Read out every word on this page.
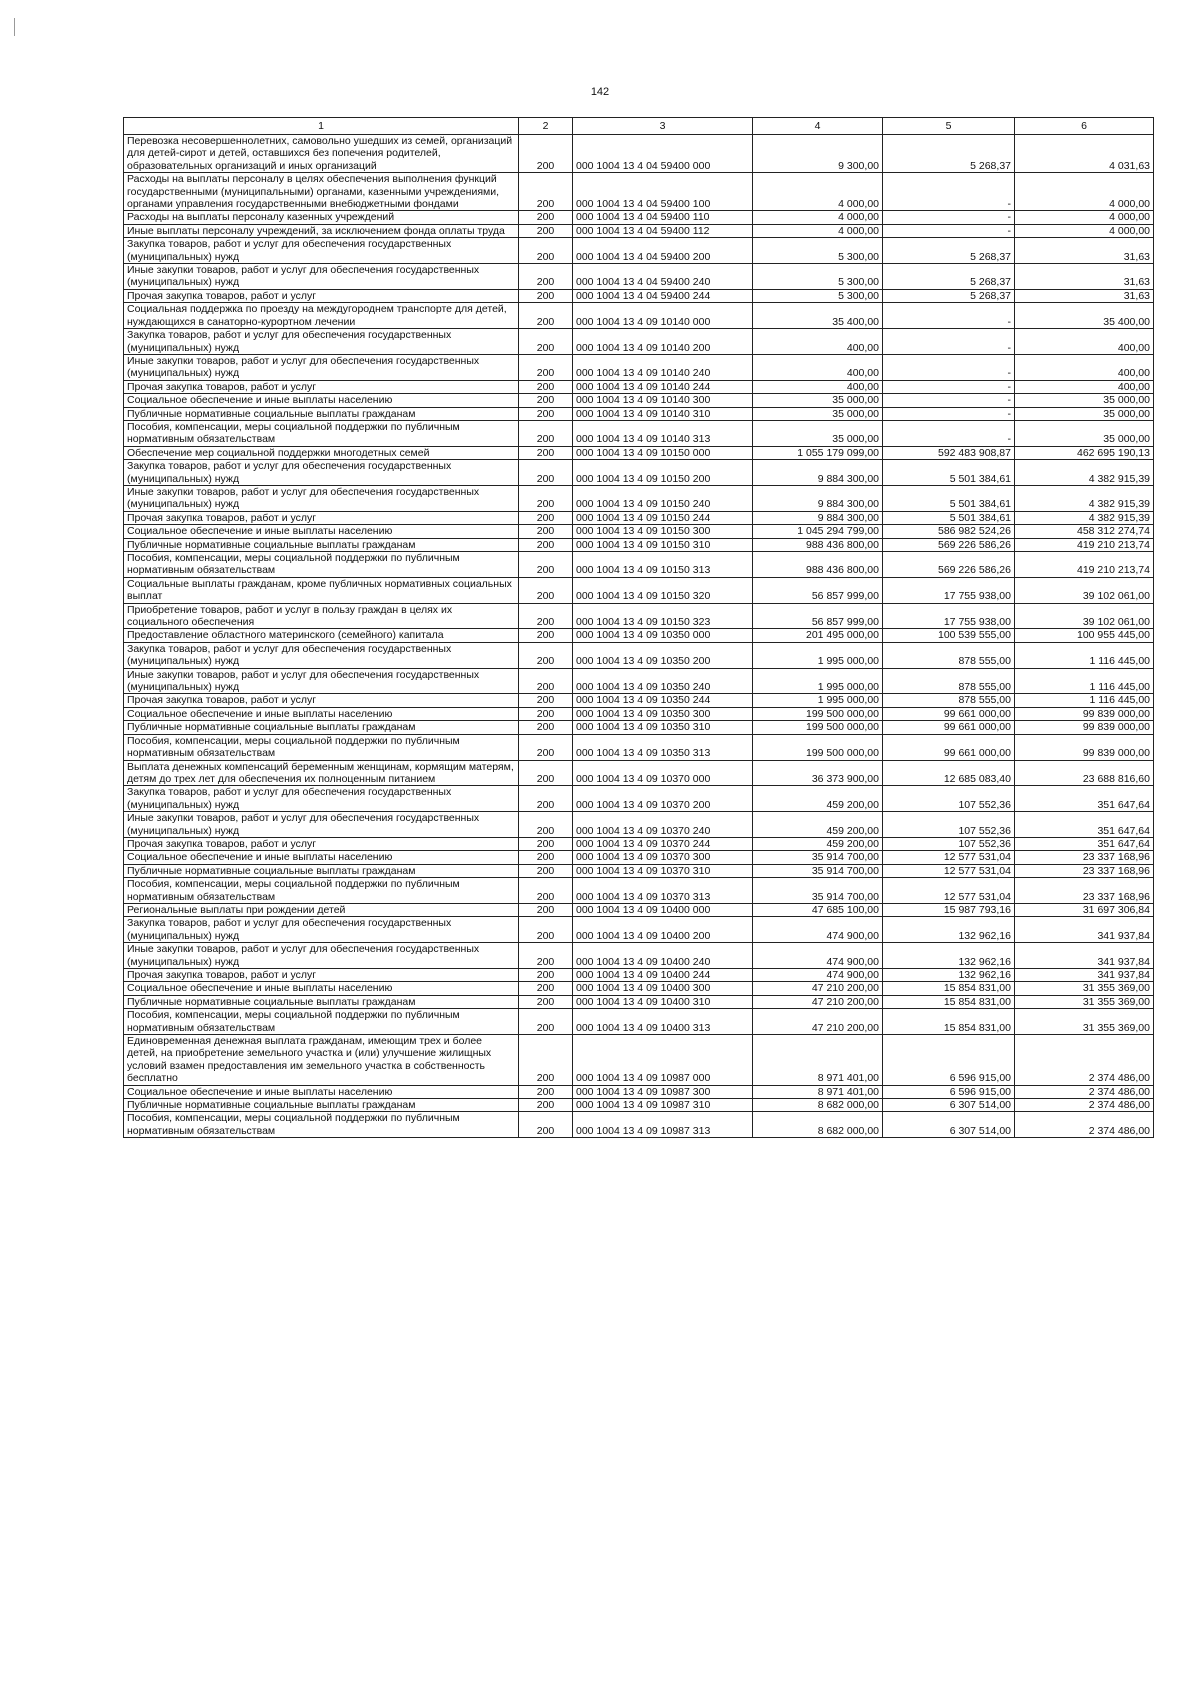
142
1	2	3	4	5	6
Перевозка несовершеннолетних, самовольно ушедших из семей, организаций для детей-сирот и детей, оставшихся без попечения родителей, образовательных организаций и иных организаций	200	000 1004 13 4 04 59400 000	9 300,00	5 268,37	4 031,63
Расходы на выплаты персоналу в целях обеспечения выполнения функций государственными (муниципальными) органами, казенными учреждениями, органами управления государственными внебюджетными фондами	200	000 1004 13 4 04 59400 100	4 000,00	-	4 000,00
Расходы на выплаты персоналу казенных учреждений	200	000 1004 13 4 04 59400 110	4 000,00	-	4 000,00
Иные выплаты персоналу учреждений, за исключением фонда оплаты труда	200	000 1004 13 4 04 59400 112	4 000,00	-	4 000,00
Закупка товаров, работ и услуг для обеспечения государственных (муниципальных) нужд	200	000 1004 13 4 04 59400 200	5 300,00	5 268,37	31,63
Иные закупки товаров, работ и услуг для обеспечения государственных (муниципальных) нужд	200	000 1004 13 4 04 59400 240	5 300,00	5 268,37	31,63
Прочая закупка товаров, работ и услуг	200	000 1004 13 4 04 59400 244	5 300,00	5 268,37	31,63
Социальная поддержка по проезду на междугороднем транспорте для детей, нуждающихся в санаторно-курортном лечении	200	000 1004 13 4 09 10140 000	35 400,00	-	35 400,00
Закупка товаров, работ и услуг для обеспечения государственных (муниципальных) нужд	200	000 1004 13 4 09 10140 200	400,00	-	400,00
Иные закупки товаров, работ и услуг для обеспечения государственных (муниципальных) нужд	200	000 1004 13 4 09 10140 240	400,00	-	400,00
Прочая закупка товаров, работ и услуг	200	000 1004 13 4 09 10140 244	400,00	-	400,00
Социальное обеспечение и иные выплаты населению	200	000 1004 13 4 09 10140 300	35 000,00	-	35 000,00
Публичные нормативные социальные выплаты гражданам	200	000 1004 13 4 09 10140 310	35 000,00	-	35 000,00
Пособия, компенсации, меры социальной поддержки по публичным нормативным обязательствам	200	000 1004 13 4 09 10140 313	35 000,00	-	35 000,00
Обеспечение мер социальной поддержки многодетных семей	200	000 1004 13 4 09 10150 000	1 055 179 099,00	592 483 908,87	462 695 190,13
Закупка товаров, работ и услуг для обеспечения государственных (муниципальных) нужд	200	000 1004 13 4 09 10150 200	9 884 300,00	5 501 384,61	4 382 915,39
Иные закупки товаров, работ и услуг для обеспечения государственных (муниципальных) нужд	200	000 1004 13 4 09 10150 240	9 884 300,00	5 501 384,61	4 382 915,39
Прочая закупка товаров, работ и услуг	200	000 1004 13 4 09 10150 244	9 884 300,00	5 501 384,61	4 382 915,39
Социальное обеспечение и иные выплаты населению	200	000 1004 13 4 09 10150 300	1 045 294 799,00	586 982 524,26	458 312 274,74
Публичные нормативные социальные выплаты гражданам	200	000 1004 13 4 09 10150 310	988 436 800,00	569 226 586,26	419 210 213,74
Пособия, компенсации, меры социальной поддержки по публичным нормативным обязательствам	200	000 1004 13 4 09 10150 313	988 436 800,00	569 226 586,26	419 210 213,74
Социальные выплаты гражданам, кроме публичных нормативных социальных выплат	200	000 1004 13 4 09 10150 320	56 857 999,00	17 755 938,00	39 102 061,00
Приобретение товаров, работ и услуг в пользу граждан в целях их социального обеспечения	200	000 1004 13 4 09 10150 323	56 857 999,00	17 755 938,00	39 102 061,00
Предоставление областного материнского (семейного) капитала	200	000 1004 13 4 09 10350 000	201 495 000,00	100 539 555,00	100 955 445,00
Закупка товаров, работ и услуг для обеспечения государственных (муниципальных) нужд	200	000 1004 13 4 09 10350 200	1 995 000,00	878 555,00	1 116 445,00
Иные закупки товаров, работ и услуг для обеспечения государственных (муниципальных) нужд	200	000 1004 13 4 09 10350 240	1 995 000,00	878 555,00	1 116 445,00
Прочая закупка товаров, работ и услуг	200	000 1004 13 4 09 10350 244	1 995 000,00	878 555,00	1 116 445,00
Социальное обеспечение и иные выплаты населению	200	000 1004 13 4 09 10350 300	199 500 000,00	99 661 000,00	99 839 000,00
Публичные нормативные социальные выплаты гражданам	200	000 1004 13 4 09 10350 310	199 500 000,00	99 661 000,00	99 839 000,00
Пособия, компенсации, меры социальной поддержки по публичным нормативным обязательствам	200	000 1004 13 4 09 10350 313	199 500 000,00	99 661 000,00	99 839 000,00
Выплата денежных компенсаций беременным женщинам, кормящим матерям, детям до трех лет для обеспечения их полноценным питанием	200	000 1004 13 4 09 10370 000	36 373 900,00	12 685 083,40	23 688 816,60
Закупка товаров, работ и услуг для обеспечения государственных (муниципальных) нужд	200	000 1004 13 4 09 10370 200	459 200,00	107 552,36	351 647,64
Иные закупки товаров, работ и услуг для обеспечения государственных (муниципальных) нужд	200	000 1004 13 4 09 10370 240	459 200,00	107 552,36	351 647,64
Прочая закупка товаров, работ и услуг	200	000 1004 13 4 09 10370 244	459 200,00	107 552,36	351 647,64
Социальное обеспечение и иные выплаты населению	200	000 1004 13 4 09 10370 300	35 914 700,00	12 577 531,04	23 337 168,96
Публичные нормативные социальные выплаты гражданам	200	000 1004 13 4 09 10370 310	35 914 700,00	12 577 531,04	23 337 168,96
Пособия, компенсации, меры социальной поддержки по публичным нормативным обязательствам	200	000 1004 13 4 09 10370 313	35 914 700,00	12 577 531,04	23 337 168,96
Региональные выплаты при рождении детей	200	000 1004 13 4 09 10400 000	47 685 100,00	15 987 793,16	31 697 306,84
Закупка товаров, работ и услуг для обеспечения государственных (муниципальных) нужд	200	000 1004 13 4 09 10400 200	474 900,00	132 962,16	341 937,84
Иные закупки товаров, работ и услуг для обеспечения государственных (муниципальных) нужд	200	000 1004 13 4 09 10400 240	474 900,00	132 962,16	341 937,84
Прочая закупка товаров, работ и услуг	200	000 1004 13 4 09 10400 244	474 900,00	132 962,16	341 937,84
Социальное обеспечение и иные выплаты населению	200	000 1004 13 4 09 10400 300	47 210 200,00	15 854 831,00	31 355 369,00
Публичные нормативные социальные выплаты гражданам	200	000 1004 13 4 09 10400 310	47 210 200,00	15 854 831,00	31 355 369,00
Пособия, компенсации, меры социальной поддержки по публичным нормативным обязательствам	200	000 1004 13 4 09 10400 313	47 210 200,00	15 854 831,00	31 355 369,00
Единовременная денежная выплата гражданам, имеющим трех и более детей, на приобретение земельного участка и (или) улучшение жилищных условий взамен предоставления им земельного участка в собственность бесплатно	200	000 1004 13 4 09 10987 000	8 971 401,00	6 596 915,00	2 374 486,00
Социальное обеспечение и иные выплаты населению	200	000 1004 13 4 09 10987 300	8 971 401,00	6 596 915,00	2 374 486,00
Публичные нормативные социальные выплаты гражданам	200	000 1004 13 4 09 10987 310	8 682 000,00	6 307 514,00	2 374 486,00
Пособия, компенсации, меры социальной поддержки по публичным нормативным обязательствам	200	000 1004 13 4 09 10987 313	8 682 000,00	6 307 514,00	2 374 486,00
